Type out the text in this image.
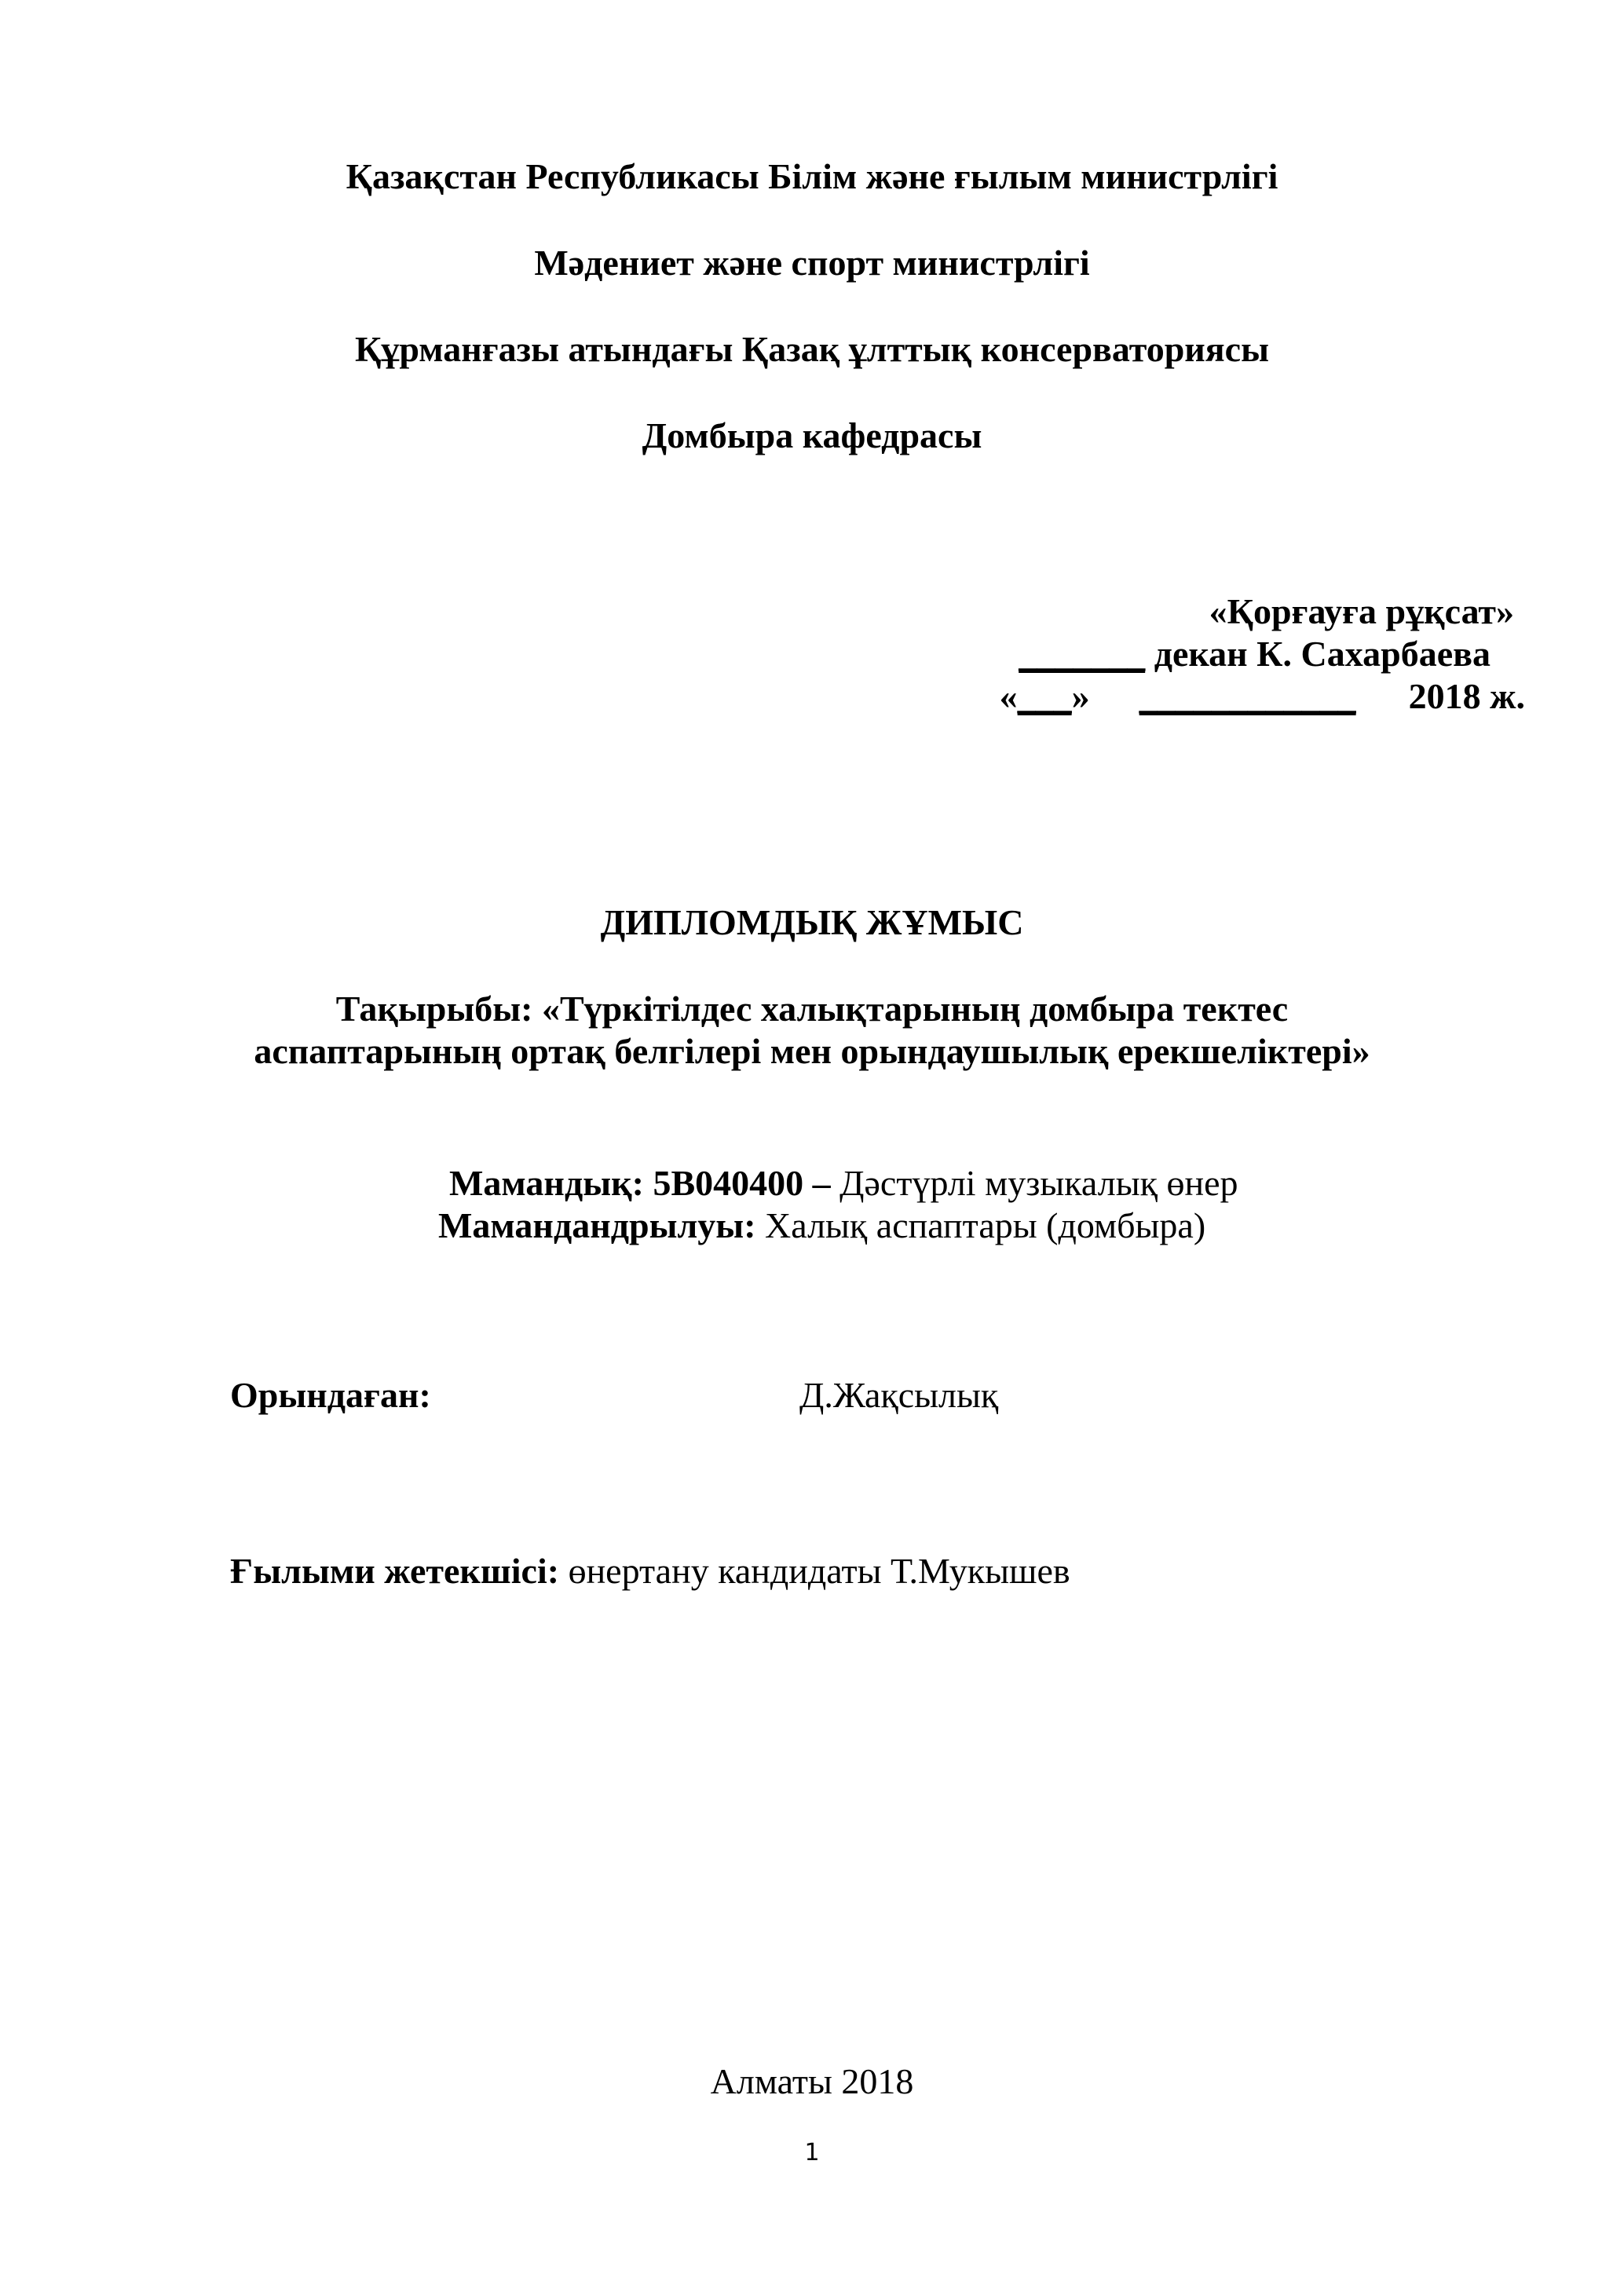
Қазақстан Республикасы Білім және ғылым министрлігі
Мәдениет және спорт министрлігі
Құрманғазы атындағы Қазақ ұлттық консерваториясы
Домбыра кафедрасы
«Қорғауға рұқсат»
_______ декан К. Сахарбаева
«___» ____________ 2018 ж.
ДИПЛОМДЫҚ ЖҰМЫС
Тақырыбы: «Түркітілдес халықтарының домбыра тектес
аспаптарының ортақ белгілері мен орындаушылық ерекшеліктері»
Мамандық: 5В040400 – Дәстүрлі музыкалық өнер
Мамандандрылуы: Халық аспаптары (домбыра)
Орындаған:	Д.Жақсылық
Ғылыми жетекшісі: өнертану кандидаты Т.Мукышев
Алматы 2018
1
